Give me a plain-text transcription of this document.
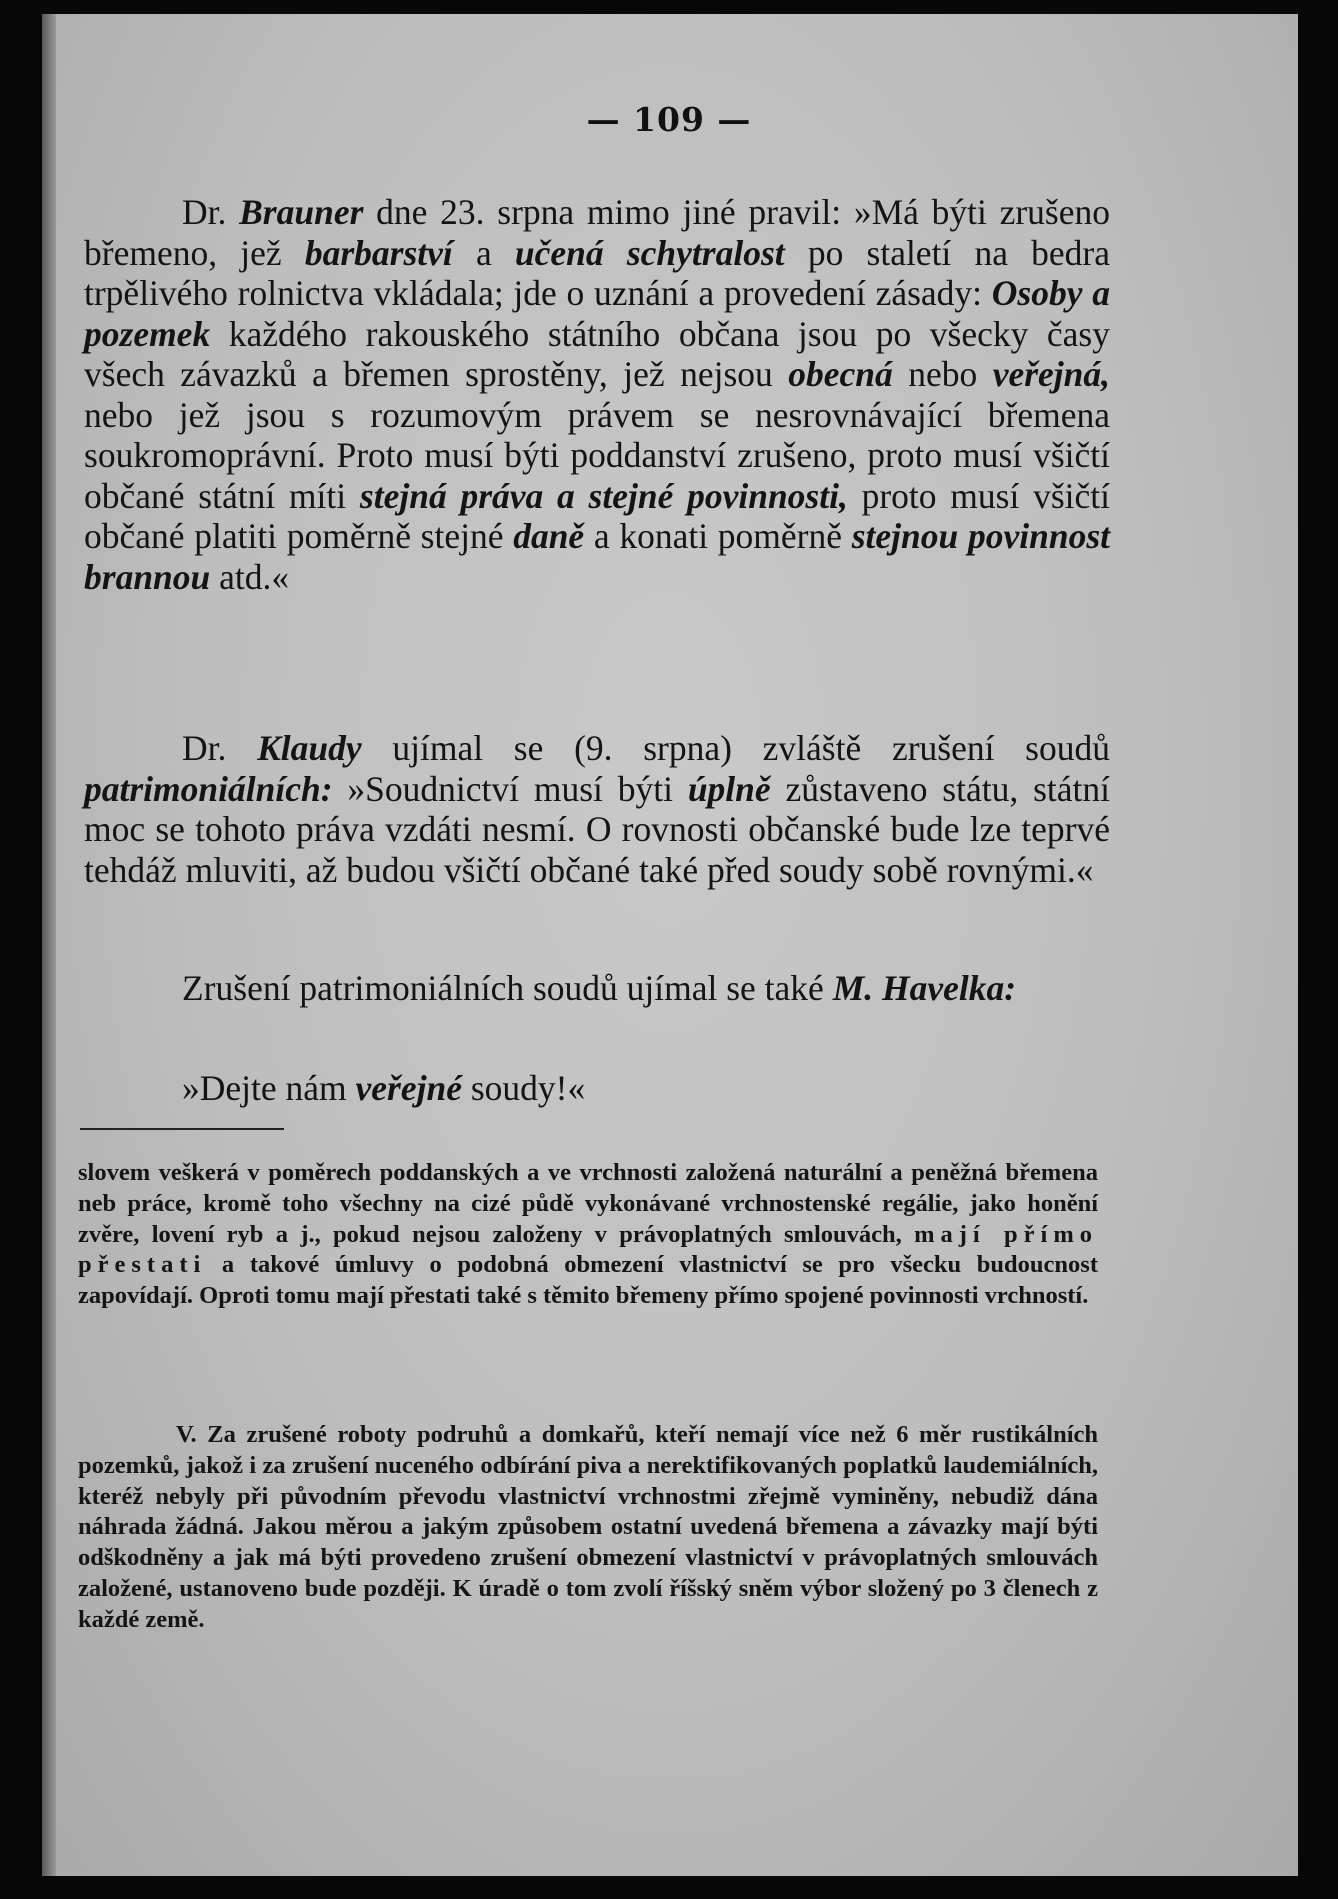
— 109 —

Dr. Brauner dne 23. srpna mimo jiné pravil: »Má býti zrušeno břemeno, jež barbarství a učená schytralost po staletí na bedra trpělivého rolnictva vkládala; jde o uznání a provedení zásady: Osoby a pozemek každého rakouského státního občana jsou po všecky časy všech závazků a břemen sprostěny, jež nejsou obecná nebo veřejná, nebo jež jsou s rozumovým právem se nesrovnávající břemena soukromoprávní. Proto musí býti poddanství zrušeno, proto musí všičtí občané státní míti stejná práva a stejné povinnosti, proto musí všičtí občané platiti poměrně stejné daně a konati poměrně stejnou povinnost brannou atd.«

Dr. Klaudy ujímal se (9. srpna) zvláště zrušení soudů patrimoniálních: »Soudnictví musí býti úplně zůstaveno státu, státní moc se tohoto práva vzdáti nesmí. O rovnosti občanské bude lze teprvé tehdáž mluviti, až budou všičtí občané také před soudy sobě rovnými.«

Zrušení patrimoniálních soudů ujímal se také M. Havelka:

»Dejte nám veřejné soudy!«

slovem veškerá v poměrech poddanských a ve vrchnosti založená naturální a peněžná břemena neb práce, kromě toho všechny na cizé půdě vykonávané vrchnostenské regálie, jako honění zvěre, lovení ryb a j., pokud nejsou založeny v právoplatných smlouvách, mají přímo přestati a takové úmluvy o podobná obmezení vlastnictví se pro všecku budoucnost zapovídají. Oproti tomu mají přestati také s těmito břemeny přímo spojené povinnosti vrchností.

V. Za zrušené roboty podruhů a domkařů, kteří nemají více než 6 měr rustikálních pozemků, jakož i za zrušení nuceného odbírání piva a nerektifikovaných poplatků laudemiálních, kteréž nebyly při původním převodu vlastnictví vrchnostmi zřejmě vyminěny, nebudiž dána náhrada žádná. Jakou měrou a jakým způsobem ostatní uvedená břemena a závazky mají býti odškodněny a jak má býti provedeno zrušení obmezení vlastnictví v právoplatných smlouvách založené, ustanoveno bude později. K úradě o tom zvolí říšský sněm výbor složený po 3 členech z každé země.
